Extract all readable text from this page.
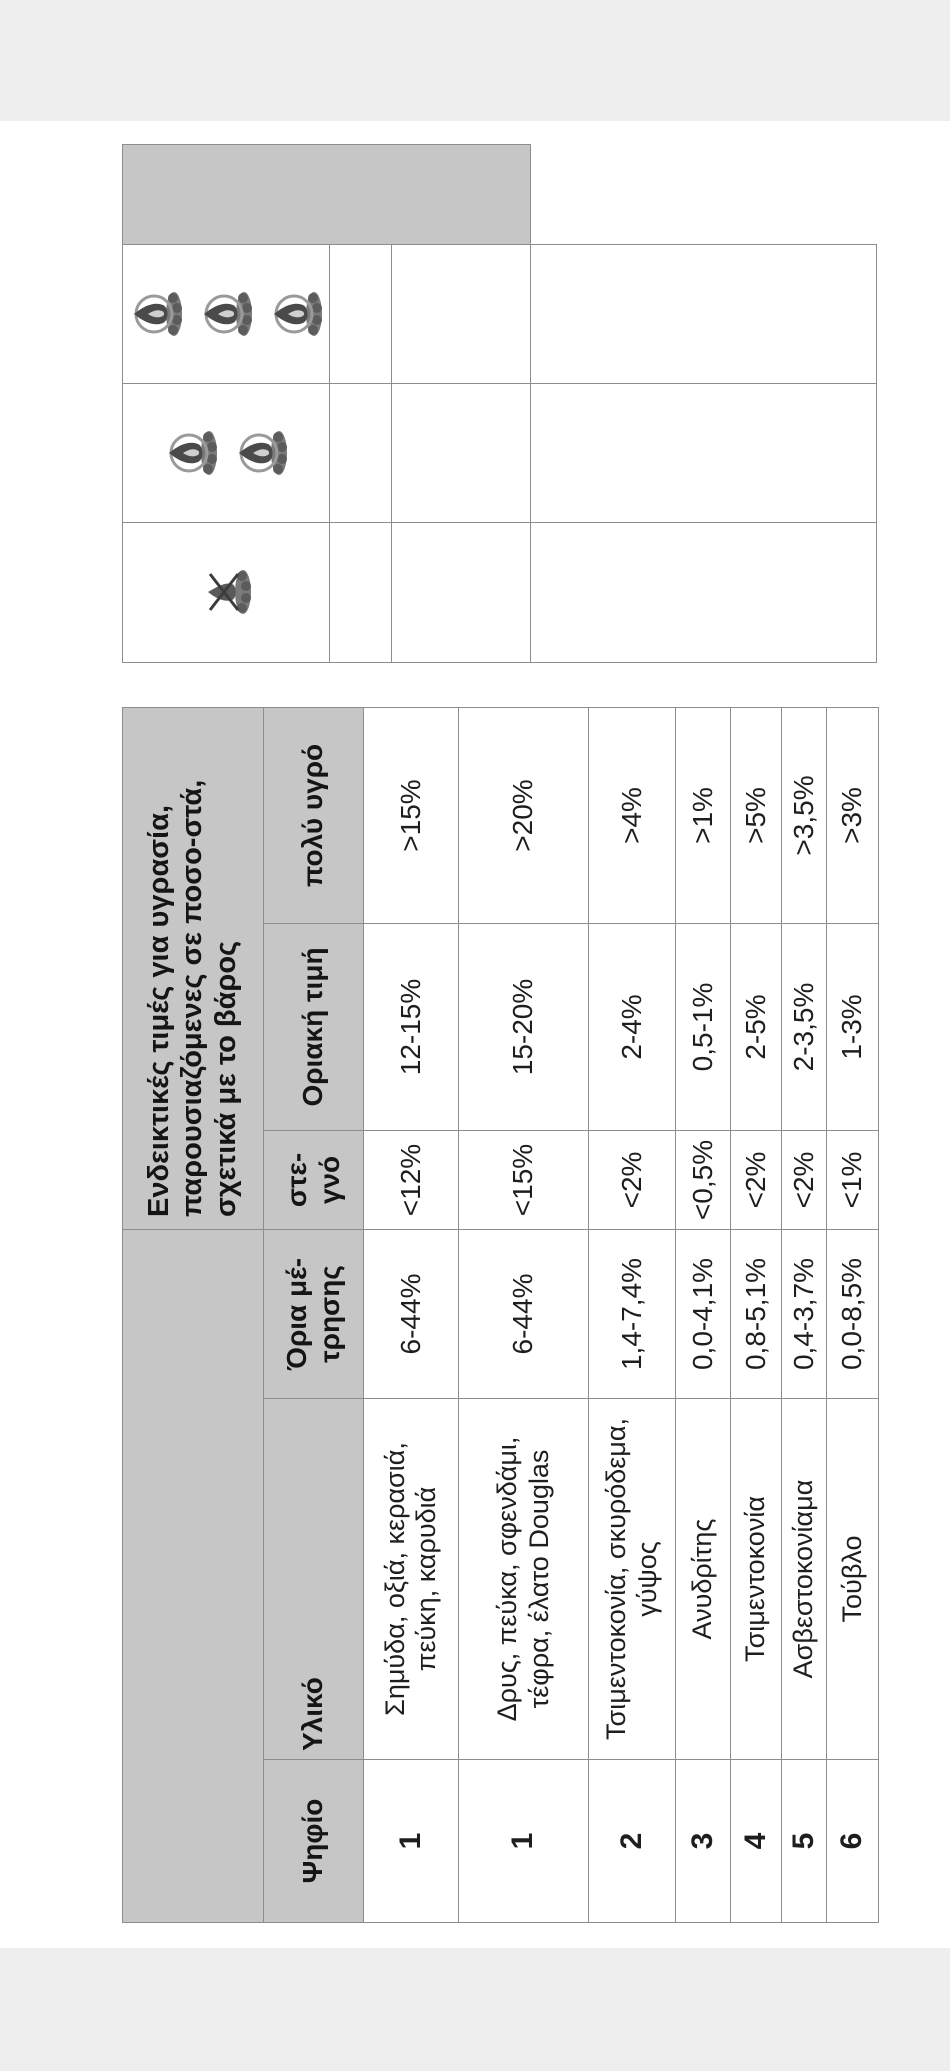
			Ενδεικτικές τιμές για υγρασία, παρουσιαζόμενες σε ποσο-στά, σχετικά με το βάρος		
Ψηφίο	Υλικό	Όρια μέ-τρησης	στε-γνό	Οριακή τιμή	πολύ υγρό
1	Σημύδα, οξιά, κερασιά, πεύκη, καρυδιά	6-44%	<12%	12-15%	>15%
1	Δρυς, πεύκα, σφενδάμι, τέφρα, έλατο Douglas	6-44%	<15%	15-20%	>20%
2	Τσιμεντοκονία, σκυρόδεμα, γύψος	1,4-7,4%	<2%	2-4%	>4%
3	Ανυδρίτης	0,0-4,1%	<0,5%	0,5-1%	>1%
4	Τσιμεντοκονία	0,8-5,1%	<2%	2-5%	>5%
5	Ασβεστοκονίαμα	0,4-3,7%	<2%	2-3,5%	>3,5%
6	Τούβλο	0,0-8,5%	<1%	1-3%	>3%
